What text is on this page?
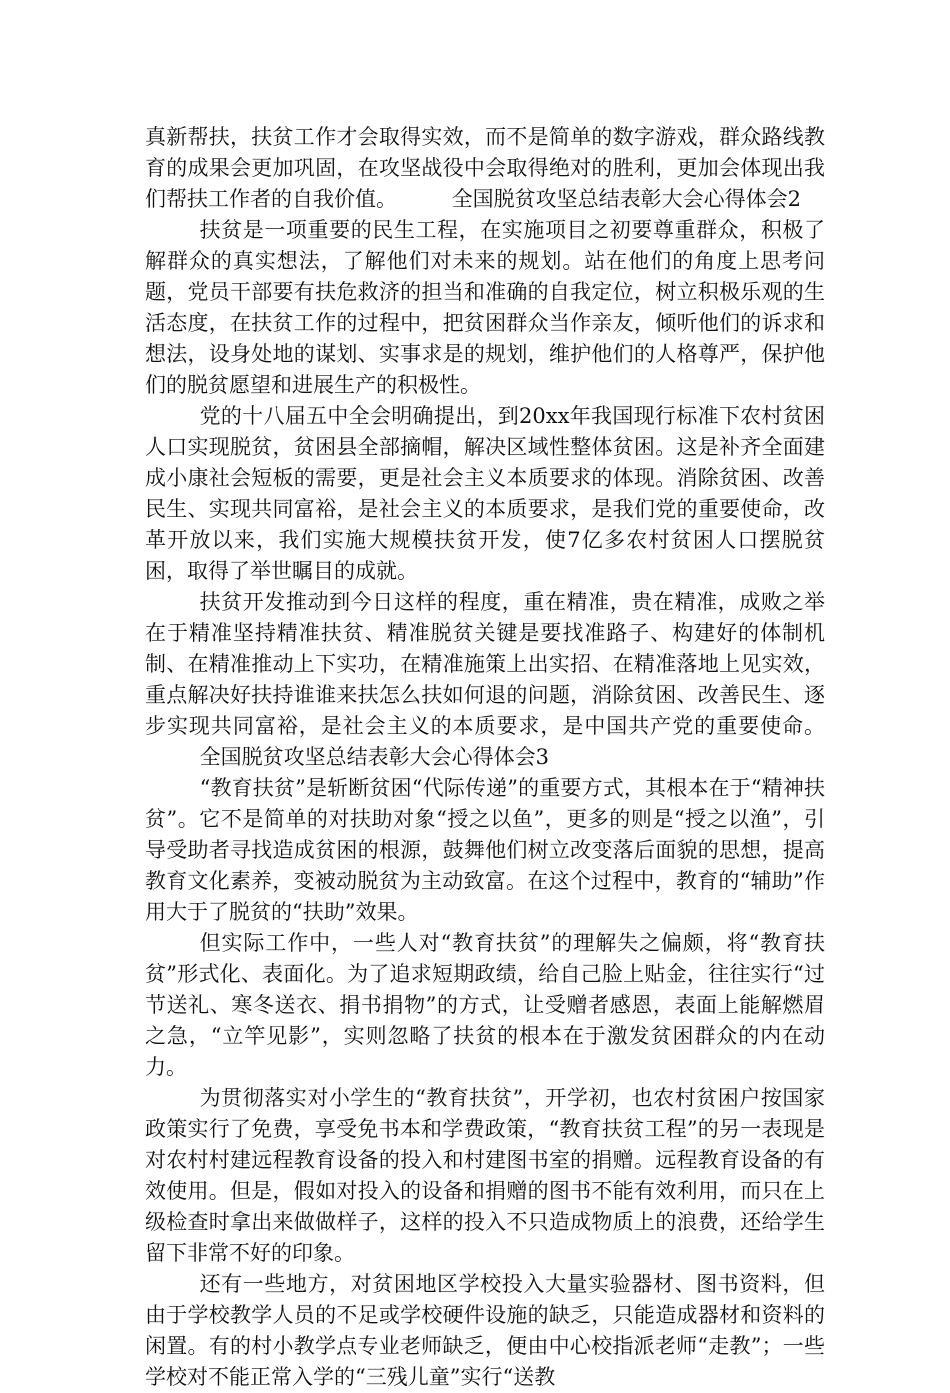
真新帮扶，扶贫工作才会取得实效，而不是简单的数字游戏，群众路线教育的成果会更加巩固，在攻坚战役中会取得绝对的胜利，更加会体现出我们帮扶工作者的自我价值。	全国脱贫攻坚总结表彰大会心得体会2

扶贫是一项重要的民生工程，在实施项目之初要尊重群众，积极了解群众的真实想法，了解他们对未来的规划。站在他们的角度上思考问题，党员干部要有扶危救济的担当和准确的自我定位，树立积极乐观的生活态度，在扶贫工作的过程中，把贫困群众当作亲友，倾听他们的诉求和想法，设身处地的谋划、实事求是的规划，维护他们的人格尊严，保护他们的脱贫愿望和进展生产的积极性。

党的十八届五中全会明确提出，到20xx年我国现行标准下农村贫困人口实现脱贫，贫困县全部摘帽，解决区域性整体贫困。这是补齐全面建成小康社会短板的需要，更是社会主义本质要求的体现。消除贫困、改善民生、实现共同富裕，是社会主义的本质要求，是我们党的重要使命，改革开放以来，我们实施大规模扶贫开发，使7亿多农村贫困人口摆脱贫困，取得了举世瞩目的成就。

扶贫开发推动到今日这样的程度，重在精准，贵在精准，成败之举在于精准坚持精准扶贫、精准脱贫关键是要找准路子、构建好的体制机制、在精准推动上下实功，在精准施策上出实招、在精准落地上见实效，重点解决好扶持谁谁来扶怎么扶如何退的问题，消除贫困、改善民生、逐步实现共同富裕，是社会主义的本质要求，是中国共产党的重要使命。全国脱贫攻坚总结表彰大会心得体会3

“教育扶贫”是斩断贫困“代际传递”的重要方式，其根本在于“精神扶贫”。它不是简单的对扶助对象“授之以鱼”，更多的则是“授之以渔”，引导受助者寻找造成贫困的根源，鼓舞他们树立改变落后面貌的思想，提高教育文化素养，变被动脱贫为主动致富。在这个过程中，教育的“辅助”作用大于了脱贫的“扶助”效果。

但实际工作中，一些人对“教育扶贫”的理解失之偏颇，将“教育扶贫”形式化、表面化。为了追求短期政绩，给自己脸上贴金，往往实行“过节送礼、寒冬送衣、捐书捐物”的方式，让受赠者感恩，表面上能解燃眉之急，“立竿见影”，实则忽略了扶贫的根本在于激发贫困群众的内在动力。

为贯彻落实对小学生的“教育扶贫”，开学初，也农村贫困户按国家政策实行了免费，享受免书本和学费政策，“教育扶贫工程”的另一表现是对农村村建远程教育设备的投入和村建图书室的捐赠。远程教育设备的有效使用。但是，假如对投入的设备和捐赠的图书不能有效利用，而只在上级检查时拿出来做做样子，这样的投入不只造成物质上的浪费，还给学生留下非常不好的印象。

还有一些地方，对贫困地区学校投入大量实验器材、图书资料，但由于学校教学人员的不足或学校硬件设施的缺乏，只能造成器材和资料的闲置。有的村小教学点专业老师缺乏，便由中心校指派老师“走教”；一些学校对不能正常入学的“三残儿童”实行“送教
